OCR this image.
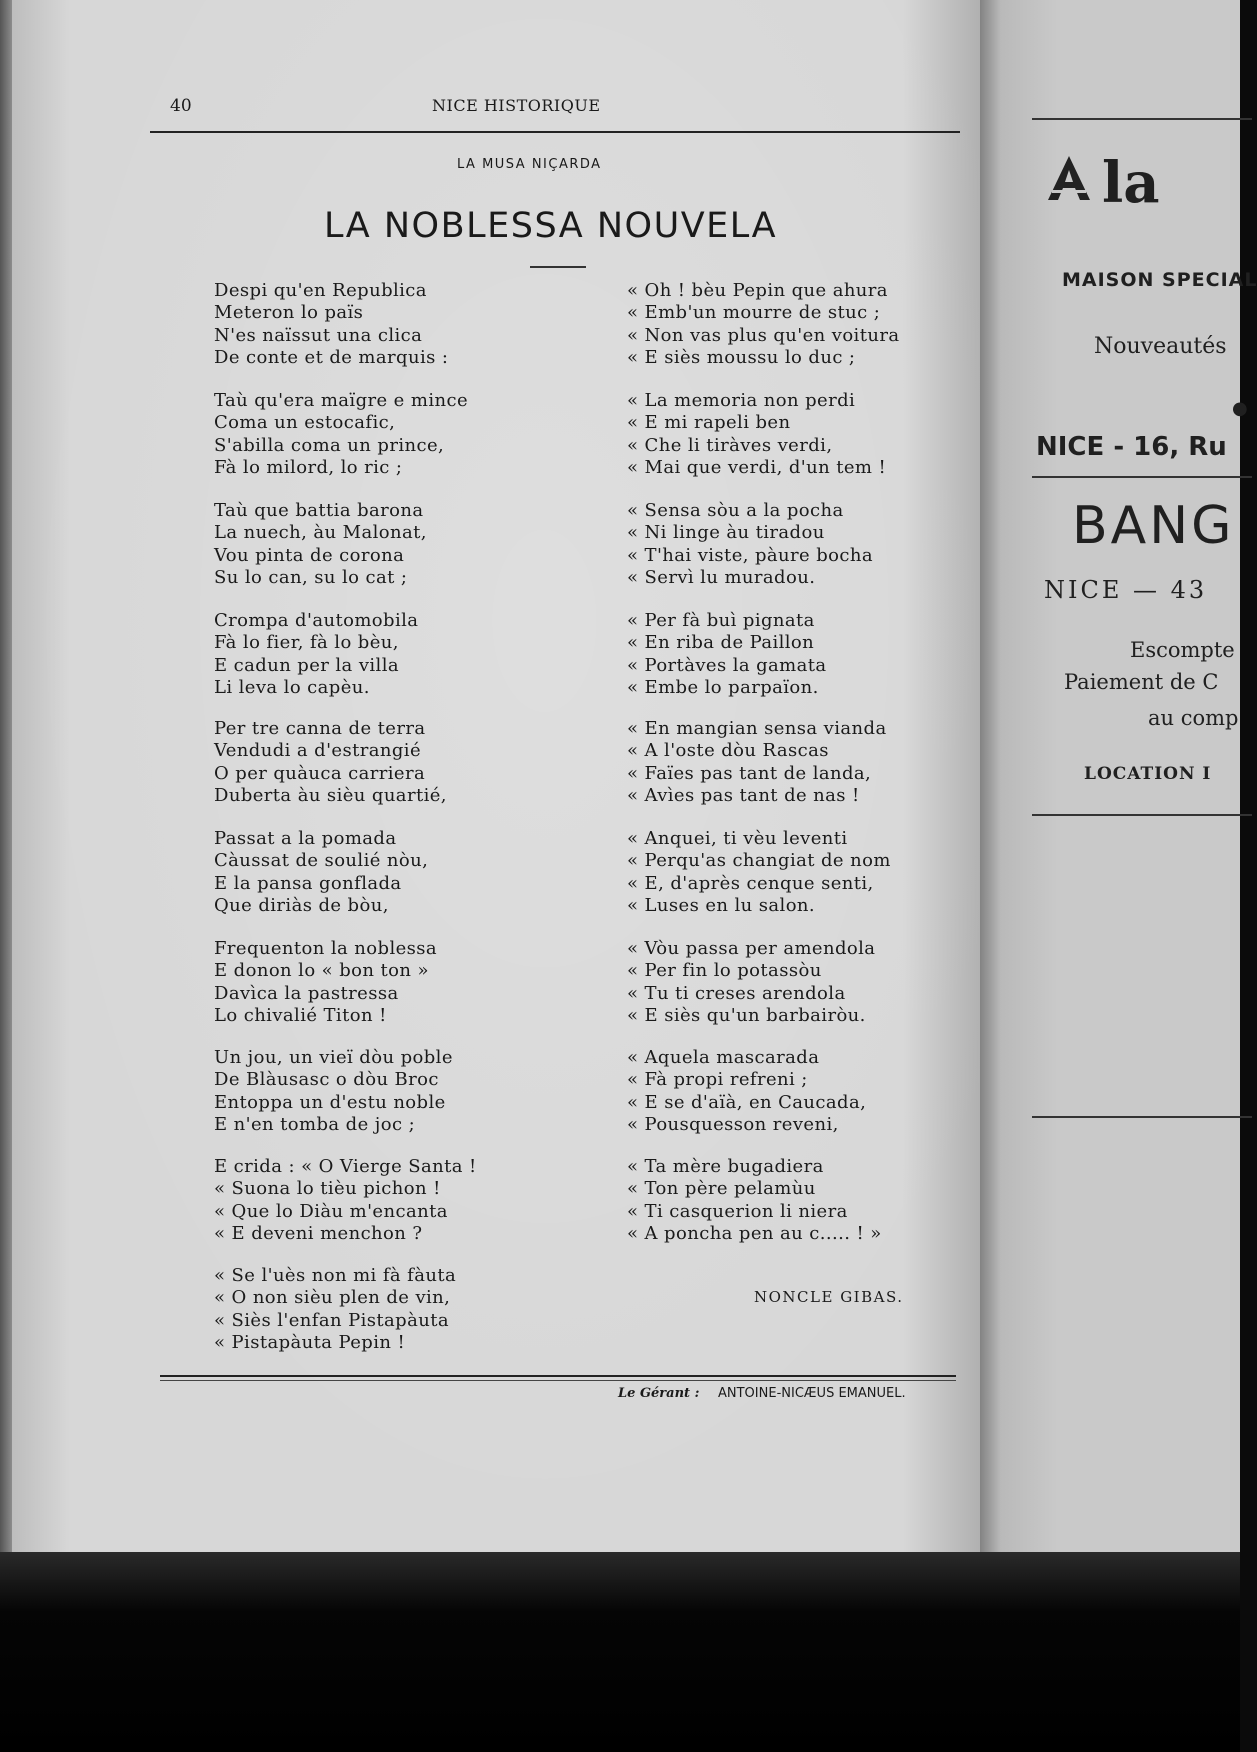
40	NICE HISTORIQUE
LA MUSA NIÇARDA
LA NOBLESSA NOUVELA
Despi qu'en Republica
Meteron lo païs
N'es naïssut una clica
De conte et de marquis :
Taù qu'era maïgre e mince
Coma un estocafic,
S'abilla coma un prince,
Fà lo milord, lo ric ;
Taù que battia barona
La nuech, àu Malonat,
Vou pinta de corona
Su lo can, su lo cat ;
Crompa d'automobila
Fà lo fier, fà lo bèu,
E cadun per la villa
Li leva lo capèu.
Per tre canna de terra
Vendudi a d'estrangié
O per quàuca carriera
Duberta àu sièu quartié,
Passat a la pomada
Càussat de soulié nòu,
E la pansa gonflada
Que diriàs de bòu,
Frequenton la noblessa
E donon lo « bon ton »
Davìca la pastressa
Lo chivalié Titon !
Un jou, un vieï dòu poble
De Blàusasc o dòu Broc
Entoppa un d'estu noble
E n'en tomba de joc ;
E crida : « O Vierge Santa !
« Suona lo tièu pichon !
« Que lo Diàu m'encanta
« E deveni menchon ?
« Se l'uès non mi fà fàuta
« O non sièu plen de vin,
« Siès l'enfan Pistapàuta
« Pistapàuta Pepin !
« Oh ! bèu Pepin que ahura
« Emb'un mourre de stuc ;
« Non vas plus qu'en voitura
« E siès moussu lo duc ;
« La memoria non perdi
« E mi rapeli ben
« Che li tiràves verdi,
« Mai que verdi, d'un tem !
« Sensa sòu a la pocha
« Ni linge àu tiradou
« T'hai viste, pàure bocha
« Servì lu muradou.
« Per fà buì pignata
« En riba de Paillon
« Portàves la gamata
« Embe lo parpaïon.
« En mangian sensa vianda
« A l'oste dòu Rascas
« Faïes pas tant de landa,
« Avìes pas tant de nas !
« Anquei, ti vèu leventi
« Perqu'as changiat de nom
« E, d'après cenque senti,
« Luses en lu salon.
« Vòu passa per amendola
« Per fin lo potassòu
« Tu ti creses arendola
« E siès qu'un barbairòu.
« Aquela mascarada
« Fà propi refreni ;
« E se d'aïà, en Caucada,
« Pousquesson reveni,
« Ta mère bugadiera
« Ton père pelamùu
« Ti casquerion li niera
« A poncha pen au c..... ! »
NONCLE GIBAS.
Le Gérant : ANTOINE-NICÆUS EMANUEL.
la
MAISON SPECIAL
Nouveautés
●
NICE - 16, Ru
BANG
NICE — 43
Escompte
Paiement de C
au comp
LOCATION I
